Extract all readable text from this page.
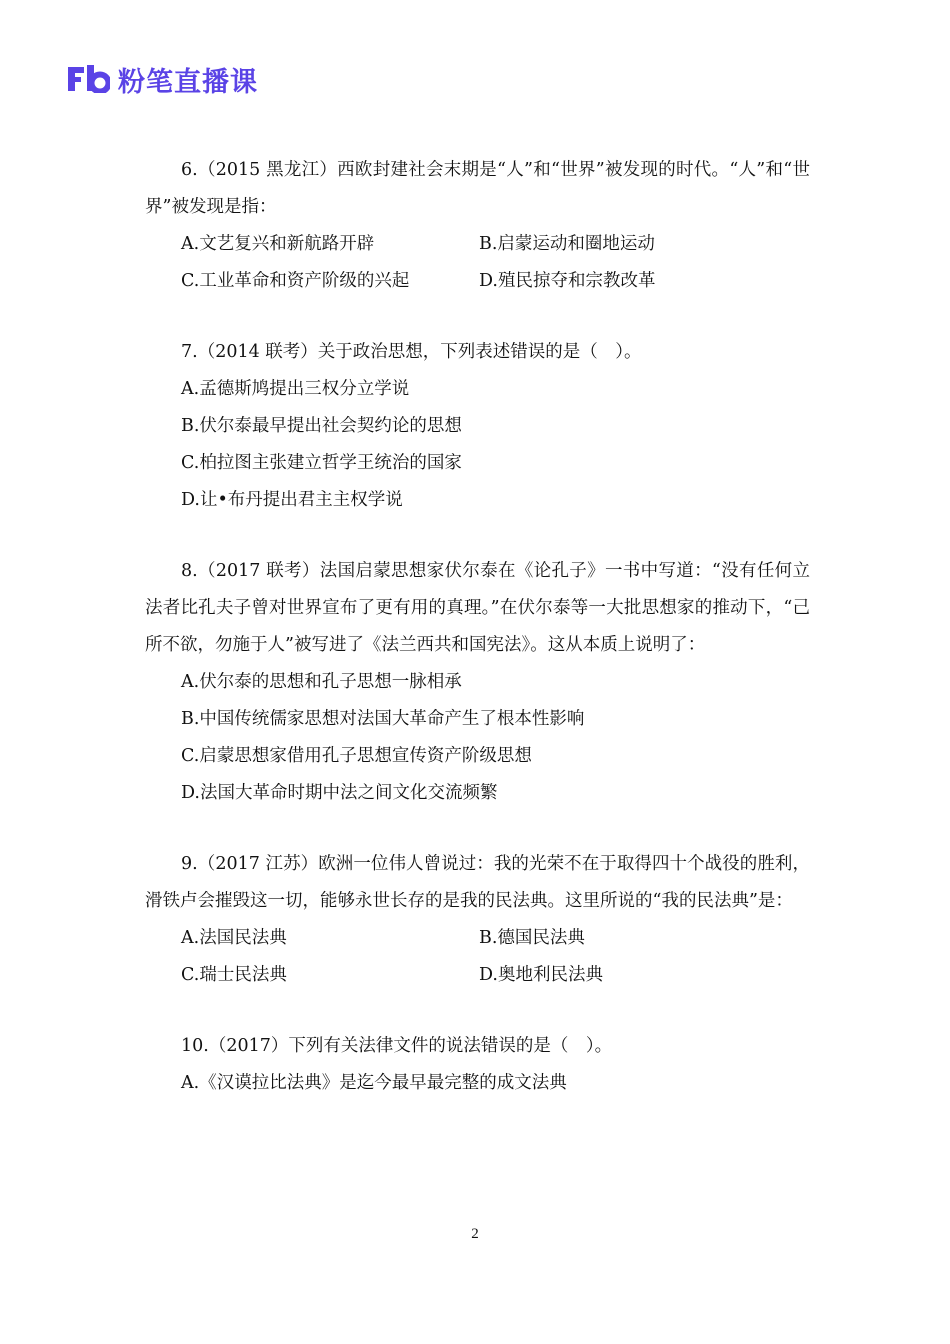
粉笔直播课
6.（2015 黑龙江）西欧封建社会末期是“人”和“世界”被发现的时代。“人”和“世界”被发现是指：
A.文艺复兴和新航路开辟	B.启蒙运动和圈地运动
C.工业革命和资产阶级的兴起	D.殖民掠夺和宗教改革
7.（2014 联考）关于政治思想，下列表述错误的是（　）。
A.孟德斯鸠提出三权分立学说
B.伏尔泰最早提出社会契约论的思想
C.柏拉图主张建立哲学王统治的国家
D.让•布丹提出君主主权学说
8.（2017 联考）法国启蒙思想家伏尔泰在《论孔子》一书中写道：“没有任何立法者比孔夫子曾对世界宣布了更有用的真理。”在伏尔泰等一大批思想家的推动下，“己所不欲，勿施于人”被写进了《法兰西共和国宪法》。这从本质上说明了：
A.伏尔泰的思想和孔子思想一脉相承
B.中国传统儒家思想对法国大革命产生了根本性影响
C.启蒙思想家借用孔子思想宣传资产阶级思想
D.法国大革命时期中法之间文化交流频繁
9.（2017 江苏）欧洲一位伟人曾说过：我的光荣不在于取得四十个战役的胜利，滑铁卢会摧毁这一切，能够永世长存的是我的民法典。这里所说的“我的民法典”是：
A.法国民法典	B.德国民法典
C.瑞士民法典	D.奥地利民法典
10.（2017）下列有关法律文件的说法错误的是（　）。
A.《汉谟拉比法典》是迄今最早最完整的成文法典
2
